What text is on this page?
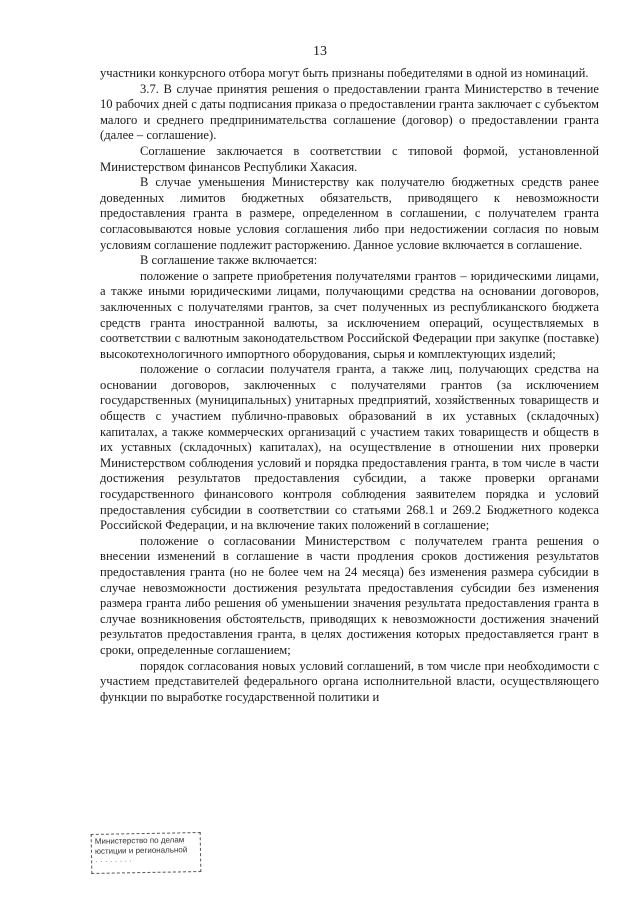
13

участники конкурсного отбора могут быть признаны победителями в одной из номинаций.

3.7. В случае принятия решения о предоставлении гранта Министерство в течение 10 рабочих дней с даты подписания приказа о предоставлении гранта заключает с субъектом малого и среднего предпринимательства соглашение (договор) о предоставлении гранта (далее – соглашение).

Соглашение заключается в соответствии с типовой формой, установленной Министерством финансов Республики Хакасия.

В случае уменьшения Министерству как получателю бюджетных средств ранее доведенных лимитов бюджетных обязательств, приводящего к невозможности предоставления гранта в размере, определенном в соглашении, с получателем гранта согласовываются новые условия соглашения либо при недостижении согласия по новым условиям соглашение подлежит расторжению. Данное условие включается в соглашение.

В соглашение также включается:

положение о запрете приобретения получателями грантов – юридическими лицами, а также иными юридическими лицами, получающими средства на основании договоров, заключенных с получателями грантов, за счет полученных из республиканского бюджета средств гранта иностранной валюты, за исключением операций, осуществляемых в соответствии с валютным законодательством Российской Федерации при закупке (поставке) высокотехнологичного импортного оборудования, сырья и комплектующих изделий;

положение о согласии получателя гранта, а также лиц, получающих средства на основании договоров, заключенных с получателями грантов (за исключением государственных (муниципальных) унитарных предприятий, хозяйственных товариществ и обществ с участием публично-правовых образований в их уставных (складочных) капиталах, а также коммерческих организаций с участием таких товариществ и обществ в их уставных (складочных) капиталах), на осуществление в отношении них проверки Министерством соблюдения условий и порядка предоставления гранта, в том числе в части достижения результатов предоставления субсидии, а также проверки органами государственного финансового контроля соблюдения заявителем порядка и условий предоставления субсидии в соответствии со статьями 268.1 и 269.2 Бюджетного кодекса Российской Федерации, и на включение таких положений в соглашение;

положение о согласовании Министерством с получателем гранта решения о внесении изменений в соглашение в части продления сроков достижения результатов предоставления гранта (но не более чем на 24 месяца) без изменения размера субсидии в случае невозможности достижения результата предоставления субсидии без изменения размера гранта либо решения об уменьшении значения результата предоставления гранта в случае возникновения обстоятельств, приводящих к невозможности достижения значений результатов предоставления гранта, в целях достижения которых предоставляется грант в сроки, определенные соглашением;

порядок согласования новых условий соглашений, в том числе при необходимости с участием представителей федерального органа исполнительной власти, осуществляющего функции по выработке государственной политики и

Министерство по делам
юстиции и региональной
· · · · · · · ·
